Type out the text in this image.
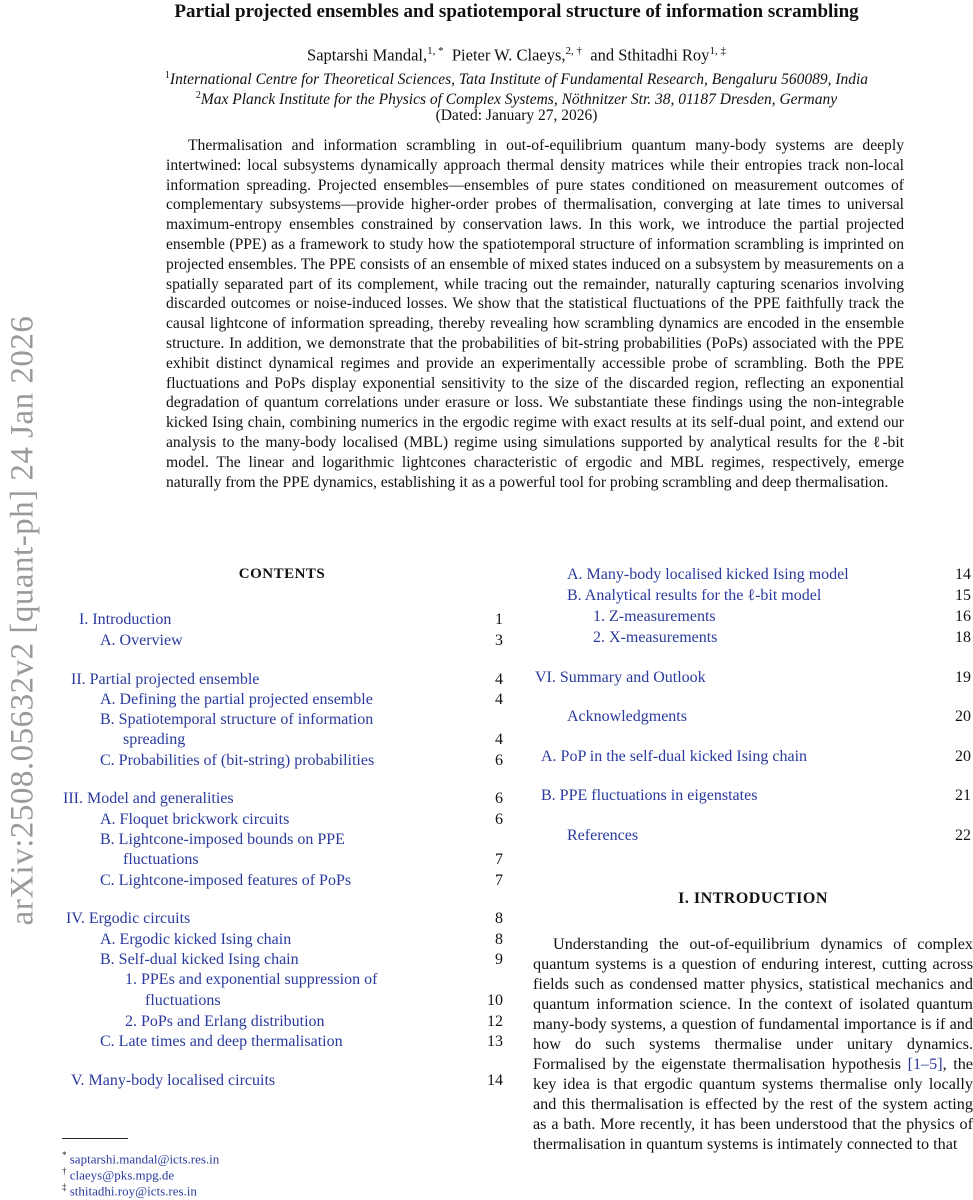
arXiv:2508.05632v2 [quant-ph] 24 Jan 2026
Partial projected ensembles and spatiotemporal structure of information scrambling
Saptarshi Mandal,$^{1, *}$ Pieter W. Claeys,$^{2, \dagger}$ and Sthitadhi Roy$^{1, \ddagger}$
$^1$International Centre for Theoretical Sciences, Tata Institute of Fundamental Research, Bengaluru 560089, India
$^2$Max Planck Institute for the Physics of Complex Systems, Nöthnitzer Str. 38, 01187 Dresden, Germany
(Dated: January 27, 2026)
Thermalisation and information scrambling in out-of-equilibrium quantum many-body systems are deeply intertwined: local subsystems dynamically approach thermal density matrices while their entropies track non-local information spreading. Projected ensembles—ensembles of pure states conditioned on measurement outcomes of complementary subsystems—provide higher-order probes of thermalisation, converging at late times to universal maximum-entropy ensembles constrained by conservation laws. In this work, we introduce the partial projected ensemble (PPE) as a framework to study how the spatiotemporal structure of information scrambling is imprinted on projected ensembles. The PPE consists of an ensemble of mixed states induced on a subsystem by measurements on a spatially separated part of its complement, while tracing out the remainder, naturally capturing scenarios involving discarded outcomes or noise-induced losses. We show that the statistical fluctuations of the PPE faithfully track the causal lightcone of information spreading, thereby revealing how scrambling dynamics are encoded in the ensemble structure. In addition, we demonstrate that the probabilities of bit-string probabilities (PoPs) associated with the PPE exhibit distinct dynamical regimes and provide an experimentally accessible probe of scrambling. Both the PPE fluctuations and PoPs display exponential sensitivity to the size of the discarded region, reflecting an exponential degradation of quantum correlations under erasure or loss. We substantiate these findings using the non-integrable kicked Ising chain, combining numerics in the ergodic regime with exact results at its self-dual point, and extend our analysis to the many-body localised (MBL) regime using simulations supported by analytical results for the ℓ-bit model. The linear and logarithmic lightcones characteristic of ergodic and MBL regimes, respectively, emerge naturally from the PPE dynamics, establishing it as a powerful tool for probing scrambling and deep thermalisation.
CONTENTS
I. Introduction	1
A. Overview	3
II. Partial projected ensemble	4
A. Defining the partial projected ensemble	4
B. Spatiotemporal structure of information
spreading	4
C. Probabilities of (bit-string) probabilities	6
III. Model and generalities	6
A. Floquet brickwork circuits	6
B. Lightcone-imposed bounds on PPE
fluctuations	7
C. Lightcone-imposed features of PoPs	7
IV. Ergodic circuits	8
A. Ergodic kicked Ising chain	8
B. Self-dual kicked Ising chain	9
1. PPEs and exponential suppression of
fluctuations	10
2. PoPs and Erlang distribution	12
C. Late times and deep thermalisation	13
V. Many-body localised circuits	14
A. Many-body localised kicked Ising model	14
B. Analytical results for the ℓ-bit model	15
1. Z-measurements	16
2. X-measurements	18
VI. Summary and Outlook	19
Acknowledgments	20
A. PoP in the self-dual kicked Ising chain	20
B. PPE fluctuations in eigenstates	21
References	22
* saptarshi.mandal@icts.res.in
† claeys@pks.mpg.de
‡ sthitadhi.roy@icts.res.in
I. INTRODUCTION
Understanding the out-of-equilibrium dynamics of complex quantum systems is a question of enduring interest, cutting across fields such as condensed matter physics, statistical mechanics and quantum information science. In the context of isolated quantum many-body systems, a question of fundamental importance is if and how do such systems thermalise under unitary dynamics. Formalised by the eigenstate thermalisation hypothesis [1–5], the key idea is that ergodic quantum systems thermalise only locally and this thermalisation is effected by the rest of the system acting as a bath. More recently, it has been understood that the physics of thermalisation in quantum systems is intimately connected to that
